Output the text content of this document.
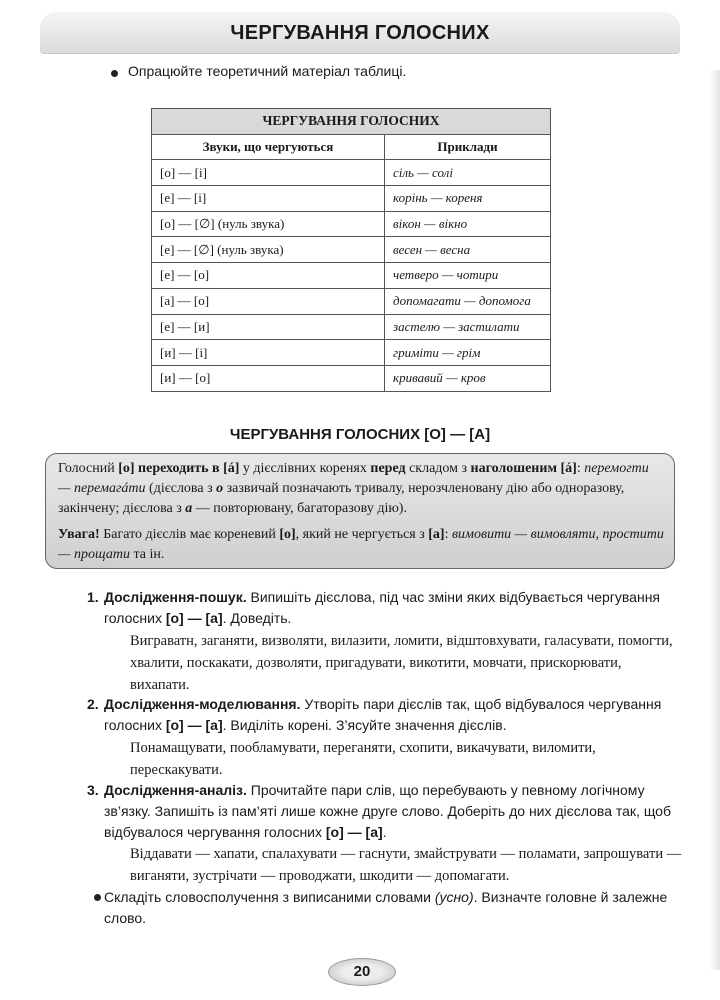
ЧЕРГУВАННЯ ГОЛОСНИХ
Опрацюйте теоретичний матеріал таблиці.
ЧЕРГУВАННЯ ГОЛОСНИХ	
Звуки, що чергуються	Приклади
[о] — [і]	сіль — солі
[е] — [і]	корінь — кореня
[о] — [∅] (нуль звука)	вікон — вікно
[е] — [∅] (нуль звука)	весен — весна
[е] — [о]	четверо — чотири
[а] — [о]	допомагати — допомога
[е] — [и]	застелю — застилати
[и] — [і]	гриміти — грім
[и] — [о]	кривавий — кров
ЧЕРГУВАННЯ ГОЛОСНИХ [О] — [А]

Голосний [о] переходить в [á] у дієслівних коренях перед складом з наголошеним [á]: перемогти — перемагáти (дієслова з о зазвичай позначають тривалу, нерозчленовану дію або одноразову, закінчену; дієслова з а — повторювану, багаторазову дію).

Увага! Багато дієслів має кореневий [о], який не чергується з [а]: вимовити — вимовляти, простити — прощати та ін.

1. Дослідження-пошук. Випишіть дієслова, під час зміни яких відбувається чергування голосних [о] — [а]. Доведіть.
Виграватн, заганяти, визволяти, вилазити, ломити, відштовхувати, галасувати, помогти, хвалити, поскакати, дозволяти, пригадувати, викотити, мовчати, прискорювати, вихапати.
2. Дослідження-моделювання. Утворіть пари дієслів так, щоб відбувалося чергування голосних [о] — [а]. Виділіть корені. З’ясуйте значення дієслів.
Понамащувати, пообламувати, переганяти, схопити, викачувати, виломити, перескакувати.
3. Дослідження-аналіз. Прочитайте пари слів, що перебувають у певному логічному зв’язку. Запишіть із пам’яті лише кожне друге слово. Доберіть до них дієслова так, щоб відбувалося чергування голосних [о] — [а].
Віддавати — хапати, спалахувати — гаснути, змайструвати — поламати, запрошувати — виганяти, зустрічати — проводжати, шкодити — допомагати.
Складіть словосполучення з виписаними словами (усно). Визначте головне й залежне слово.
20
